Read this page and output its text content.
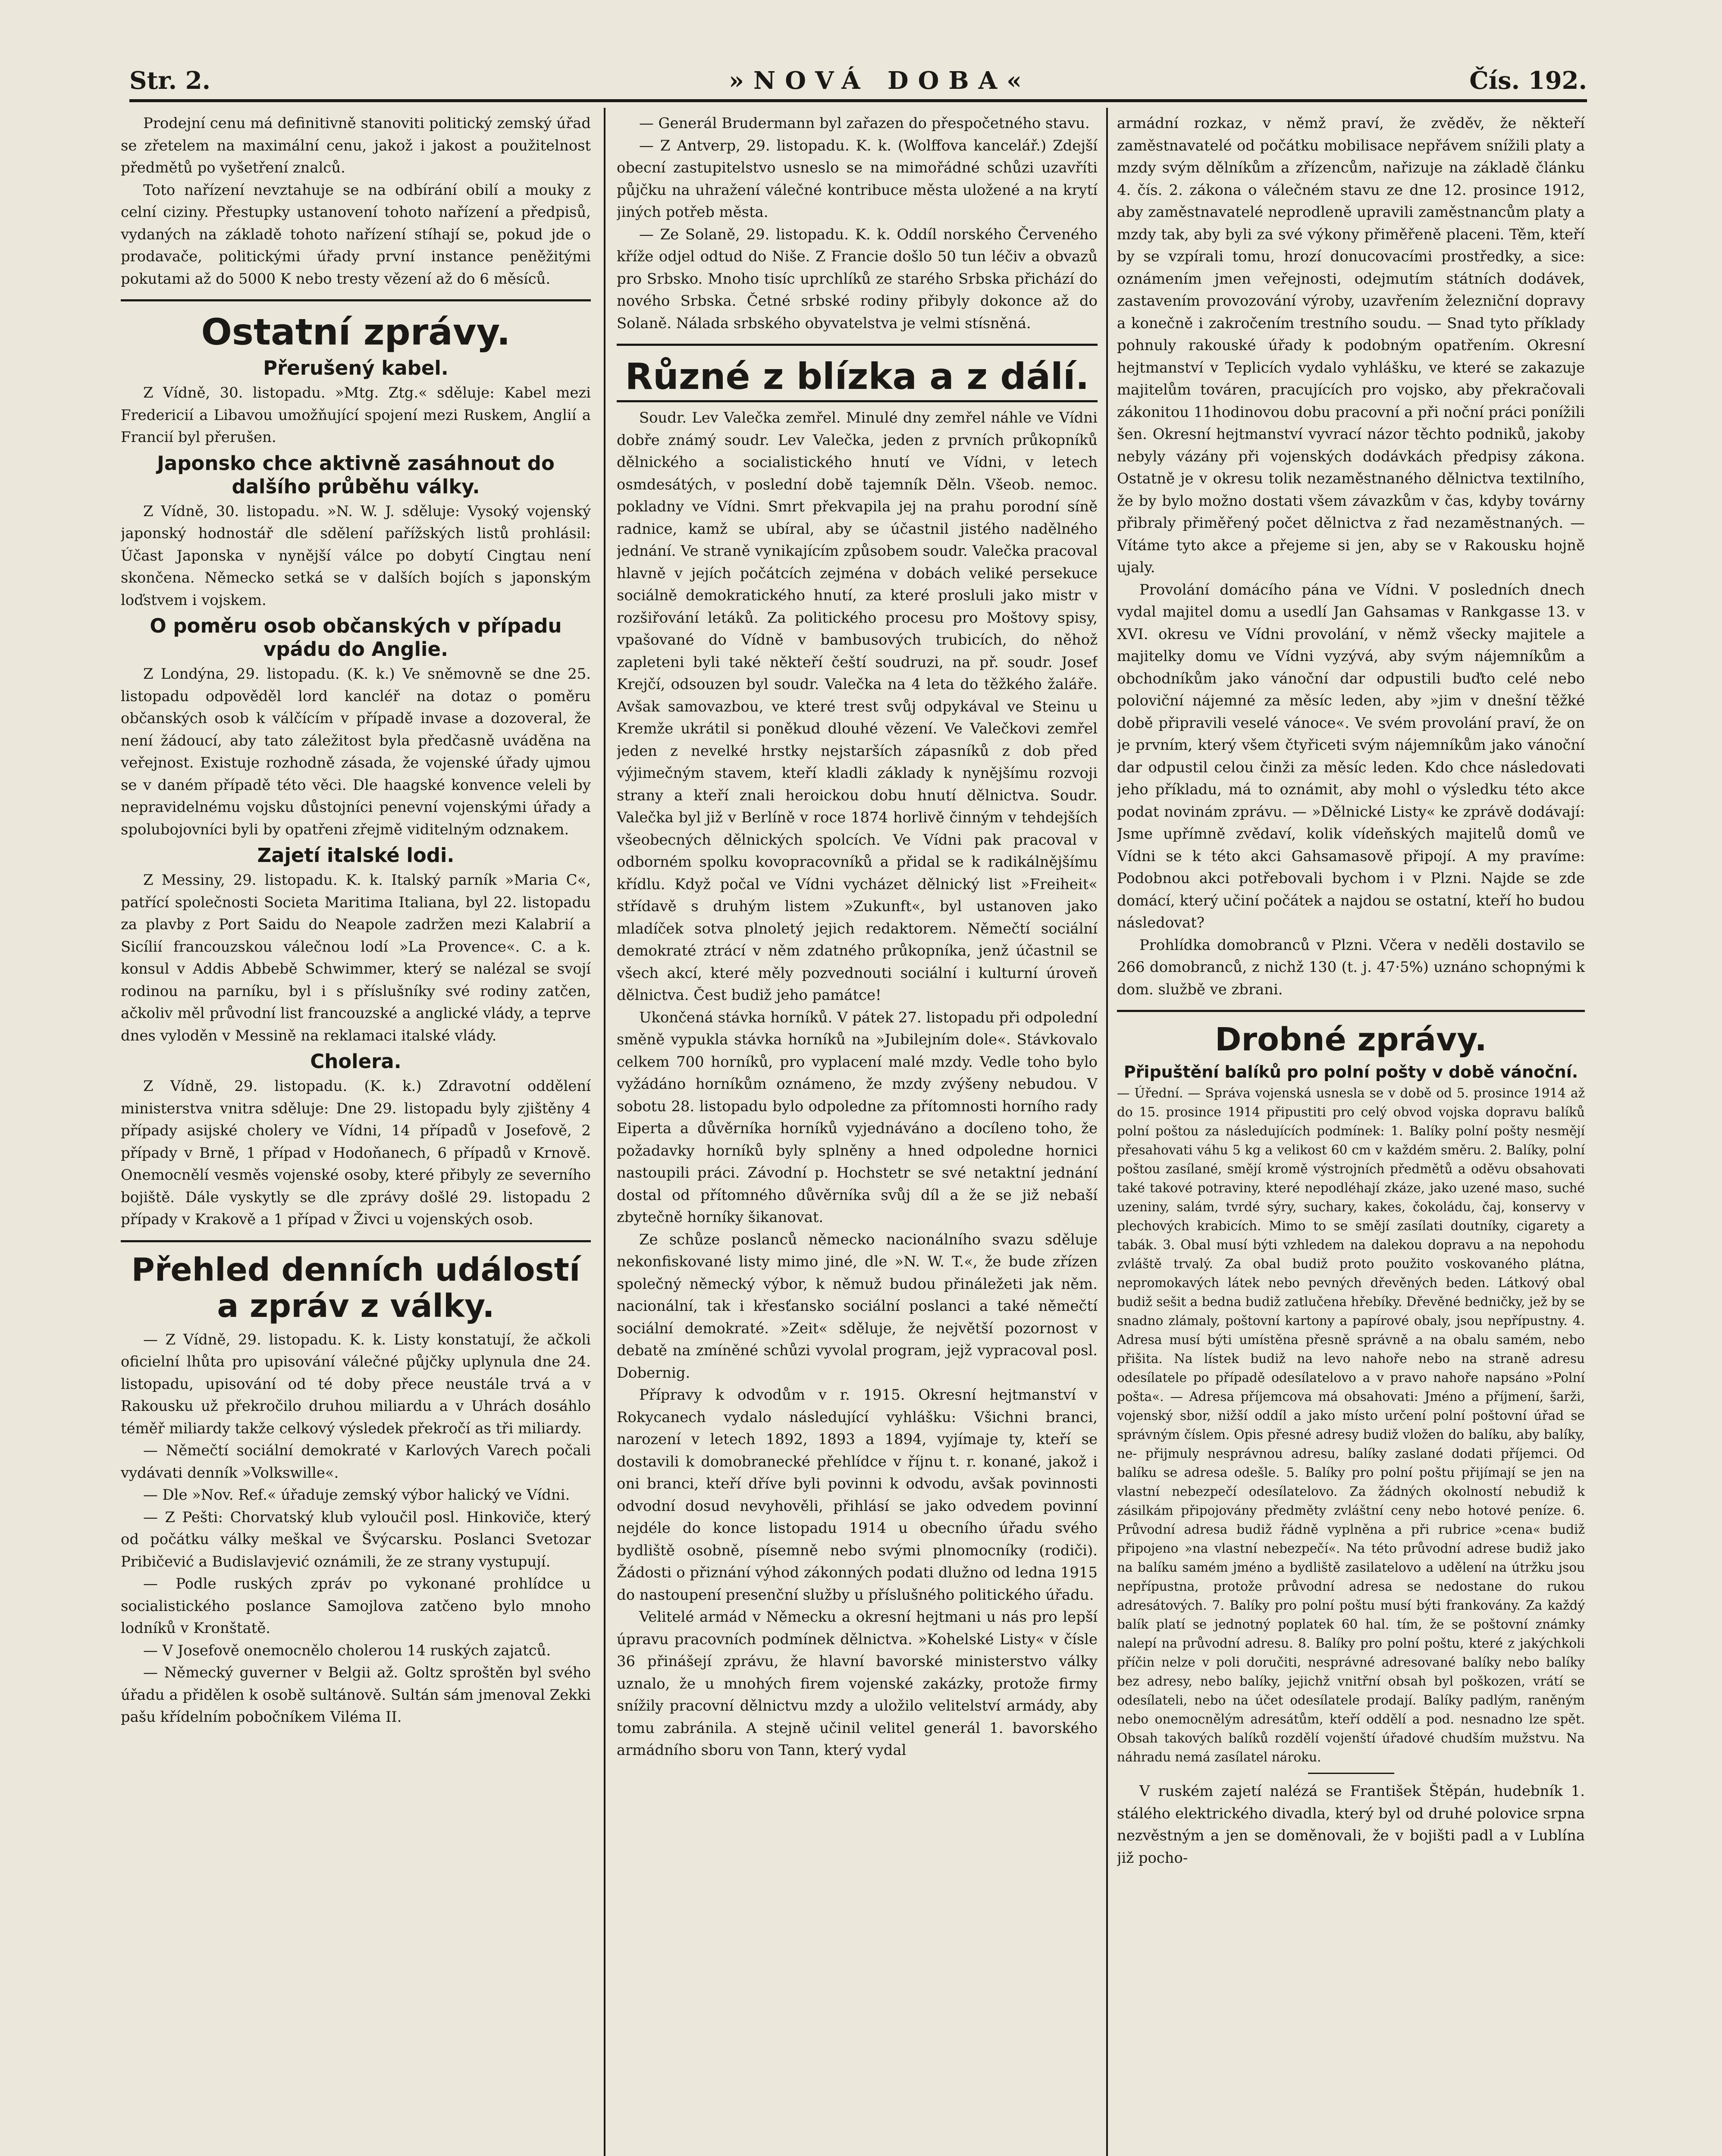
Str. 2.	»NOVÁ DOBA«	Čís. 192.

Prodejní cenu má definitivně stanoviti politický zemský úřad se zřetelem na maximální cenu, jakož i jakost a použitelnost předmětů po vyšetření znalců.

Toto nařízení nevztahuje se na odbírání obilí a mouky z celní ciziny. Přestupky ustanovení tohoto nařízení a předpisů, vydaných na základě tohoto nařízení stíhají se, pokud jde o prodavače, politickými úřady první instance peněžitými pokutami až do 5000 K nebo tresty vězení až do 6 měsíců.

Ostatní zprávy.
Přerušený kabel.

Z Vídně, 30. listopadu. »Mtg. Ztg.« sděluje: Kabel mezi Fredericií a Libavou umožňující spojení mezi Ruskem, Anglií a Francií byl přerušen.

Japonsko chce aktivně zasáhnout do dalšího průběhu války.

Z Vídně, 30. listopadu. »N. W. J. sděluje: Vysoký vojenský japonský hodnostář dle sdělení pařížských listů prohlásil: Účast Japonska v nynější válce po dobytí Cingtau není skončena. Německo setká se v dalších bojích s japonským loďstvem i vojskem.

O poměru osob občanských v případu vpádu do Anglie.

Z Londýna, 29. listopadu. (K. k.) Ve sněmovně se dne 25. listopadu odpověděl lord kancléř na dotaz o poměru občanských osob k válčícím v případě invase a dozoveral, že není žádoucí, aby tato záležitost byla předčasně uváděna na veřejnost. Existuje rozhodně zásada, že vojenské úřady ujmou se v daném případě této věci. Dle haagské konvence veleli by nepravidelnému vojsku důstojníci penevní vojenskými úřady a spolubojovníci byli by opatřeni zřejmě viditelným odznakem.

Zajetí italské lodi.

Z Messiny, 29. listopadu. K. k. Italský parník »Maria C«, patřící společnosti Societa Maritima Italiana, byl 22. listopadu za plavby z Port Saidu do Neapole zadržen mezi Kalabrií a Sicílií francouzskou válečnou lodí »La Provence«. C. a k. konsul v Addis Abbebě Schwimmer, který se nalézal se svojí rodinou na parníku, byl i s příslušníky své rodiny zatčen, ačkoliv měl průvodní list francouzské a anglické vlády, a teprve dnes vyloděn v Messině na reklamaci italské vlády.

Cholera.

Z Vídně, 29. listopadu. (K. k.) Zdravotní oddělení ministerstva vnitra sděluje: Dne 29. listopadu byly zjištěny 4 případy asijské cholery ve Vídni, 14 případů v Josefově, 2 případy v Brně, 1 případ v Hodoňanech, 6 případů v Krnově. Onemocnělí vesměs vojenské osoby, které přibyly ze severního bojiště. Dále vyskytly se dle zprávy došlé 29. listopadu 2 případy v Krakově a 1 případ v Živci u vojenských osob.

Přehled denních událostí a zpráv z války.

— Z Vídně, 29. listopadu. K. k. Listy konstatují, že ačkoli oficielní lhůta pro upisování válečné půjčky uplynula dne 24. listopadu, upisování od té doby přece neustále trvá a v Rakousku už překročilo druhou miliardu a v Uhrách dosáhlo téměř miliardy takže celkový výsledek překročí as tři miliardy.

— Němečtí sociální demokraté v Karlových Varech počali vydávati denník »Volkswille«.

— Dle »Nov. Ref.« úřaduje zemský výbor halický ve Vídni.

— Z Pešti: Chorvatský klub vyloučil posl. Hinkoviče, který od počátku války meškal ve Švýcarsku. Poslanci Svetozar Pribičević a Budislavjević oznámili, že ze strany vystupují.

— Podle ruských zpráv po vykonané prohlídce u socialistického poslance Samojlova zatčeno bylo mnoho lodníků v Kronštatě.

— V Josefově onemocnělo cholerou 14 ruských zajatců.

— Německý guverner v Belgii až. Goltz sproštěn byl svého úřadu a přidělen k osobě sultánově. Sultán sám jmenoval Zekki pašu křídelním pobočníkem Viléma II.

— Generál Brudermann byl zařazen do přespočetného stavu.

— Z Antverp, 29. listopadu. K. k. (Wolffova kancelář.) Zdejší obecní zastupitelstvo usneslo se na mimořádné schůzi uzavříti půjčku na uhražení válečné kontribuce města uložené a na krytí jiných potřeb města.

— Ze Solaně, 29. listopadu. K. k. Oddíl norského Červeného kříže odjel odtud do Niše. Z Francie došlo 50 tun léčiv a obvazů pro Srbsko. Mnoho tisíc uprchlíků ze starého Srbska přichází do nového Srbska. Četné srbské rodiny přibyly dokonce až do Solaně. Nálada srbského obyvatelstva je velmi stísněná.

Různé z blízka a z dálí.

Soudr. Lev Valečka zemřel. Minulé dny zemřel náhle ve Vídni dobře známý soudr. Lev Valečka, jeden z prvních průkopníků dělnického a socialistického hnutí ve Vídni, v letech osmdesátých, v poslední době tajemník Děln. Všeob. nemoc. pokladny ve Vídni. Smrt překvapila jej na prahu porodní síně radnice, kamž se ubíral, aby se účastnil jistého nadělného jednání. Ve straně vynikajícím způsobem soudr. Valečka pracoval hlavně v jejích počátcích zejména v dobách veliké persekuce sociálně demokratického hnutí, za které prosluli jako mistr v rozšiřování letáků. Za politického procesu pro Moštovy spisy, vpašované do Vídně v bambusových trubicích, do něhož zapleteni byli také někteří čeští soudruzi, na př. soudr. Josef Krejčí, odsouzen byl soudr. Valečka na 4 leta do těžkého žaláře. Avšak samovazbou, ve které trest svůj odpykával ve Steinu u Kremže ukrátil si poněkud dlouhé vězení. Ve Valečkovi zemřel jeden z nevelké hrstky nejstarších zápasníků z dob před výjimečným stavem, kteří kladli základy k nynějšímu rozvoji strany a kteří znali heroickou dobu hnutí dělnictva. Soudr. Valečka byl již v Berlíně v roce 1874 horlivě činným v tehdejších všeobecných dělnických spolcích. Ve Vídni pak pracoval v odborném spolku kovopracovníků a přidal se k radikálnějšímu křídlu. Když počal ve Vídni vycházet dělnický list »Freiheit« střídavě s druhým listem »Zukunft«, byl ustanoven jako mladíček sotva plnoletý jejich redaktorem. Němečtí sociální demokraté ztrácí v něm zdatného průkopníka, jenž účastnil se všech akcí, které měly pozvednouti sociální i kulturní úroveň dělnictva. Čest budiž jeho památce!

Ukončená stávka horníků. V pátek 27. listopadu při odpolední směně vypukla stávka horníků na »Jubilejním dole«. Stávkovalo celkem 700 horníků, pro vyplacení malé mzdy. Vedle toho bylo vyžádáno horníkům oznámeno, že mzdy zvýšeny nebudou. V sobotu 28. listopadu bylo odpoledne za přítomnosti horního rady Eiperta a důvěrníka horníků vyjednáváno a docíleno toho, že požadavky horníků byly splněny a hned odpoledne hornici nastoupili práci. Závodní p. Hochstetr se své netaktní jednání dostal od přítomného důvěrníka svůj díl a že se již nebaší zbytečně horníky šikanovat.

Ze schůze poslanců německo nacionálního svazu sděluje nekonfiskované listy mimo jiné, dle »N. W. T.«, že bude zřízen společný německý výbor, k němuž budou přináležeti jak něm. nacionální, tak i křesťansko sociální poslanci a také němečtí sociální demokraté. »Zeit« sděluje, že největší pozornost v debatě na zmíněné schůzi vyvolal program, jejž vypracoval posl. Dobernig.

Přípravy k odvodům v r. 1915. Okresní hejtmanství v Rokycanech vydalo následující vyhlášku: Všichni branci, narození v letech 1892, 1893 a 1894, vyjímaje ty, kteří se dostavili k domobranecké přehlídce v říjnu t. r. konané, jakož i oni branci, kteří dříve byli povinni k odvodu, avšak povinnosti odvodní dosud nevyhověli, přihlásí se jako odvedem povinní nejdéle do konce listopadu 1914 u obecního úřadu svého bydliště osobně, písemně nebo svými plnomocníky (rodiči). Žádosti o přiznání výhod zákonných podati dlužno od ledna 1915 do nastoupení presenční služby u příslušného politického úřadu.

Velitelé armád v Německu a okresní hejtmani u nás pro lepší úpravu pracovních podmínek dělnictva. »Kohelské Listy« v čísle 36 přinášejí zprávu, že hlavní bavorské ministerstvo války uznalo, že u mnohých firem vojenské zakázky, protože firmy snížily pracovní dělnictvu mzdy a uložilo velitelství armády, aby tomu zabránila. A stejně učinil velitel generál 1. bavorského armádního sboru von Tann, který vydal

armádní rozkaz, v němž praví, že zvěděv, že někteří zaměstnavatelé od počátku mobilisace nepřávem snížili platy a mzdy svým dělníkům a zřízencům, nařizuje na základě článku 4. čís. 2. zákona o válečném stavu ze dne 12. prosince 1912, aby zaměstnavatelé neprodleně upravili zaměstnancům platy a mzdy tak, aby byli za své výkony přiměřeně placeni. Těm, kteří by se vzpírali tomu, hrozí donucovacími prostředky, a sice: oznámením jmen veřejnosti, odejmutím státních dodávek, zastavením provozování výroby, uzavřením železniční dopravy a konečně i zakročením trestního soudu. — Snad tyto příklady pohnuly rakouské úřady k podobným opatřením. Okresní hejtmanství v Teplicích vydalo vyhlášku, ve které se zakazuje majitelům továren, pracujících pro vojsko, aby překračovali zákonitou 11hodinovou dobu pracovní a při noční práci ponížili šen. Okresní hejtmanství vyvrací názor těchto podniků, jakoby nebyly vázány při vojenských dodávkách předpisy zákona. Ostatně je v okresu tolik nezaměstnaného dělnictva textilního, že by bylo možno dostati všem závazkům v čas, kdyby továrny přibraly přiměřený počet dělnictva z řad nezaměstnaných. — Vítáme tyto akce a přejeme si jen, aby se v Rakousku hojně ujaly.

Provolání domácího pána ve Vídni. V posledních dnech vydal majitel domu a usedlí Jan Gahsamas v Rankgasse 13. v XVI. okresu ve Vídni provolání, v němž všecky majitele a majitelky domu ve Vídni vyzývá, aby svým nájemníkům a obchodníkům jako vánoční dar odpustili buďto celé nebo poloviční nájemné za měsíc leden, aby »jim v dnešní těžké době připravili veselé vánoce«. Ve svém provolání praví, že on je prvním, který všem čtyřiceti svým nájemníkům jako vánoční dar odpustil celou činži za měsíc leden. Kdo chce následovati jeho příkladu, má to oznámit, aby mohl o výsledku této akce podat novinám zprávu. — »Dělnické Listy« ke zprávě dodávají: Jsme upřímně zvědaví, kolik vídeňských majitelů domů ve Vídni se k této akci Gahsamasově připojí. A my pravíme: Podobnou akci potřebovali bychom i v Plzni. Najde se zde domácí, který učiní počátek a najdou se ostatní, kteří ho budou následovat?

Prohlídka domobranců v Plzni. Včera v neděli dostavilo se 266 domobranců, z nichž 130 (t. j. 47·5%) uznáno schopnými k dom. službě ve zbrani.

Drobné zprávy.
Připuštění balíků pro polní pošty v době vánoční.

— Úřední. — Správa vojenská usnesla se v době od 5. prosince 1914 až do 15. prosince 1914 připustiti pro celý obvod vojska dopravu balíků polní poštou za následujících podmínek: 1. Balíky polní pošty nesmějí přesahovati váhu 5 kg a velikost 60 cm v každém směru. 2. Balíky, polní poštou zasílané, smějí kromě výstrojních předmětů a oděvu obsahovati také takové potraviny, které nepodléhají zkáze, jako uzené maso, suché uzeniny, salám, tvrdé sýry, suchary, kakes, čokoládu, čaj, konservy v plechových krabicích. Mimo to se smějí zasílati doutníky, cigarety a tabák. 3. Obal musí býti vzhledem na dalekou dopravu a na nepohodu zvláště trvalý. Za obal budiž proto použito voskovaného plátna, nepromokavých látek nebo pevných dřevěných beden. Látkový obal budiž sešit a bedna budiž zatlučena hřebíky. Dřevěné bedničky, jež by se snadno zlámaly, poštovní kartony a papírové obaly, jsou nepřípustny. 4. Adresa musí býti umístěna přesně správně a na obalu samém, nebo přišita. Na lístek budiž na levo nahoře nebo na straně adresu odesílatele po případě odesílatelovo a v pravo nahoře napsáno »Polní pošta«. — Adresa příjemcova má obsahovati: Jméno a příjmení, šarži, vojenský sbor, nižší oddíl a jako místo určení polní poštovní úřad se správným číslem. Opis přesné adresy budiž vložen do balíku, aby balíky, ne- přijmuly nesprávnou adresu, balíky zaslané dodati příjemci. Od balíku se adresa odešle. 5. Balíky pro polní poštu přijímají se jen na vlastní nebezpečí odesílatelovo. Za žádných okolností nebudiž k zásilkám připojovány předměty zvláštní ceny nebo hotové peníze. 6. Průvodní adresa budiž řádně vyplněna a při rubrice »cena« budiž připojeno »na vlastní nebezpečí«. Na této průvodní adrese budiž jako na balíku samém jméno a bydliště zasilatelovo a udělení na útržku jsou nepřípustna, protože průvodní adresa se nedostane do rukou adresátových. 7. Balíky pro polní poštu musí býti frankovány. Za každý balík platí se jednotný poplatek 60 hal. tím, že se poštovní známky nalepí na průvodní adresu. 8. Balíky pro polní poštu, které z jakýchkoli příčin nelze v poli doručiti, nesprávné adresované balíky nebo balíky bez adresy, nebo balíky, jejichž vnitřní obsah byl poškozen, vrátí se odesílateli, nebo na účet odesílatele prodají. Balíky padlým, raněným nebo onemocnělým adresátům, kteří oddělí a pod. nesnadno lze spět. Obsah takových balíků rozdělí vojenští úřadové chudším mužstvu. Na náhradu nemá zasílatel nároku.

V ruském zajetí nalézá se František Štěpán, hudebník 1. stálého elektrického divadla, který byl od druhé polovice srpna nezvěstným a jen se doměnovali, že v bojišti padl a v Lublína již pocho-
